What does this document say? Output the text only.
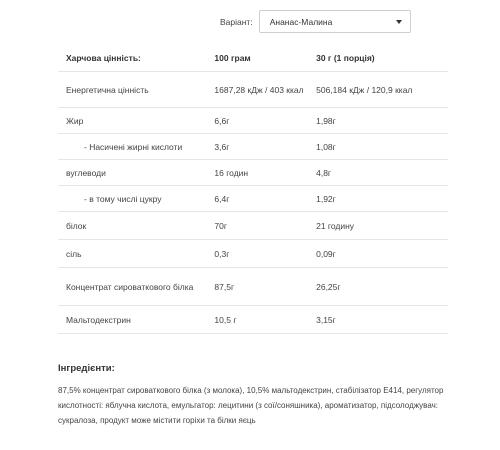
Варіант: Ананас-Малина
Харчова цінність:	100 грам	30 г (1 порція)
Енергетична цінність	1687,28 кДж / 403 ккал	506,184 кДж / 120,9 ккал
Жир	6,6г	1,98г
- Насичені жирні кислоти	3,6г	1,08г
вуглеводи	16 годин	4,8г
- в тому числі цукру	6,4г	1,92г
білок	70г	21 годину
сіль	0,3г	0,09г
Концентрат сироваткового білка	87,5г	26,25г
Мальтодекстрин	10,5 г	3,15г

Інгредієнти:

87,5% концентрат сироваткового білка (з молока), 10,5% мальтодекстрин, стабілізатор E414, регулятор кислотності: яблучна кислота, емульгатор: лецитини (з сої/соняшника), ароматизатор, підсолоджувач: сукралоза, продукт може містити горіхи та білки яєць
